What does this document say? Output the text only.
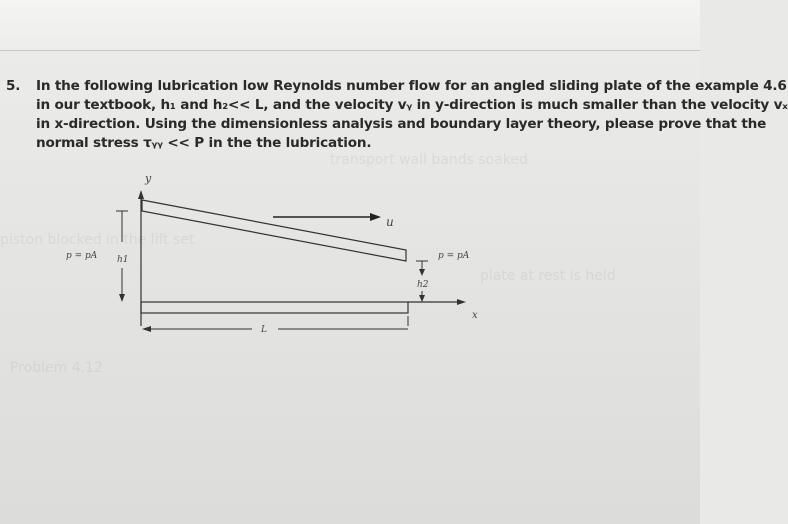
transport wall bands soaked
piston blocked in the lift set
plate at rest is held
Problem 4.12
5. In the following lubrication low Reynolds number flow for an angled sliding plate of the example 4.6
in our textbook, h₁ and h₂<< L, and the velocity vᵧ in y-direction is much smaller than the velocity vₓ
in x-direction. Using the dimensionless analysis and boundary layer theory, please prove that the
normal stress τᵧᵧ << P in the the lubrication.
y
u
x
h1
h2
p = pA	p = pA
L
